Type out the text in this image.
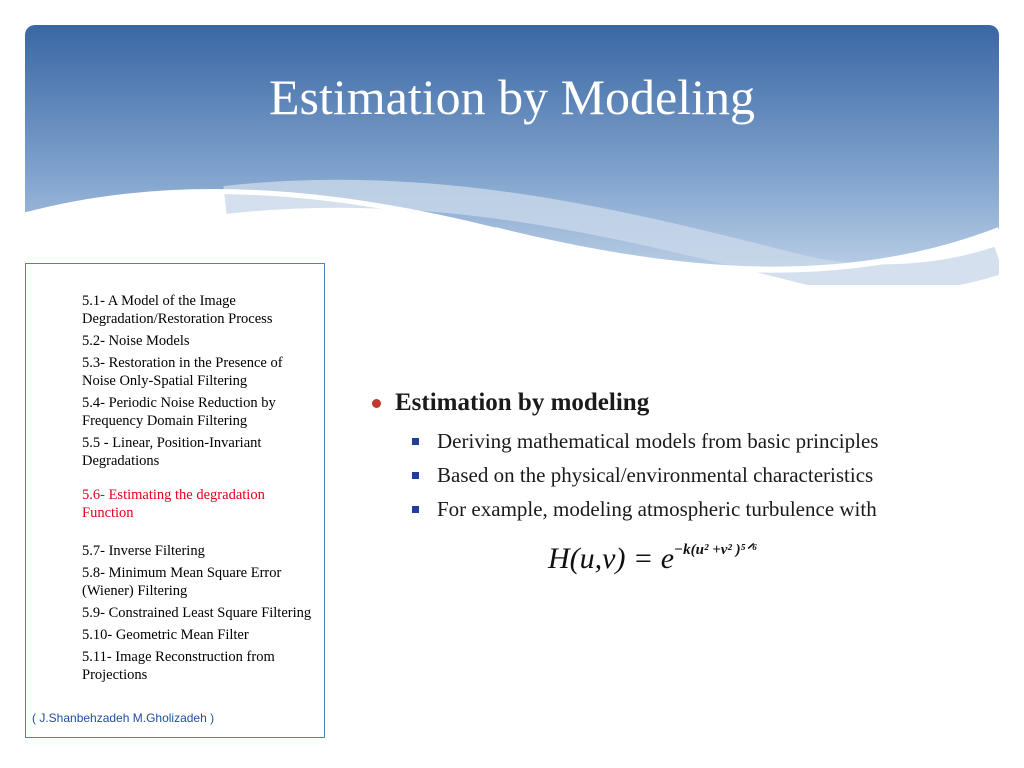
Estimation by Modeling
5.1- A Model of the Image Degradation/Restoration Process
5.2- Noise Models
5.3- Restoration in the Presence of Noise Only-Spatial Filtering
5.4- Periodic Noise Reduction by Frequency Domain Filtering
5.5 - Linear, Position-Invariant Degradations
5.6- Estimating the degradation Function
5.7- Inverse Filtering
5.8- Minimum Mean Square Error (Wiener) Filtering
5.9- Constrained Least Square Filtering
5.10- Geometric Mean Filter
5.11- Image Reconstruction from Projections
( J.Shanbehzadeh M.Gholizadeh )
Estimation by modeling
Deriving mathematical models from basic principles
Based on the physical/environmental characteristics
For example, modeling atmospheric turbulence with
$H(u,v) = e^{-k(u^2 +v^2 )^5ᐟ^6}$
